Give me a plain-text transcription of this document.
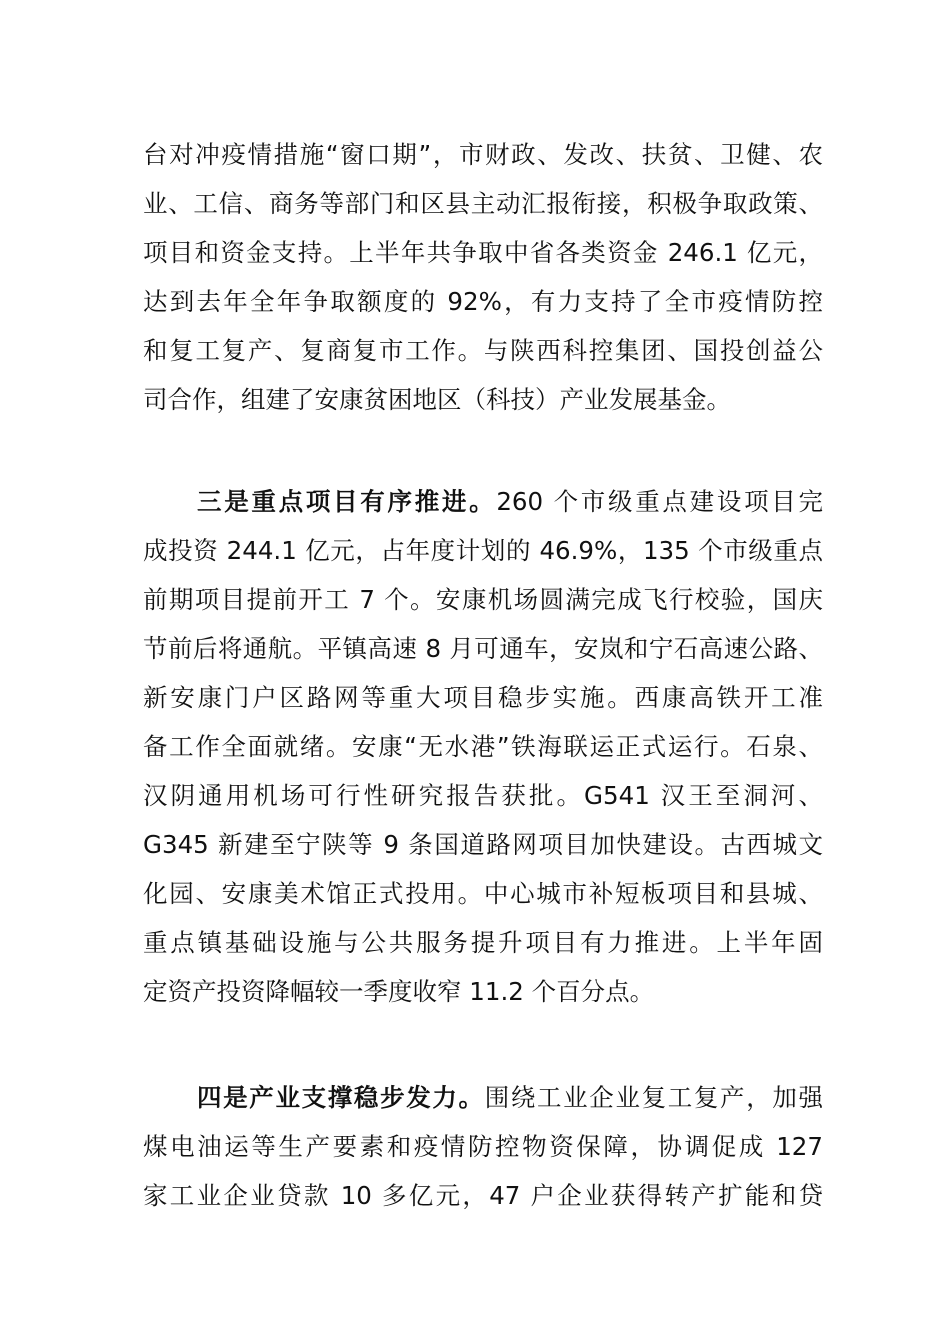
台对冲疫情措施“窗口期”，市财政、发改、扶贫、卫健、农
业、工信、商务等部门和区县主动汇报衔接，积极争取政策、
项目和资金支持。上半年共争取中省各类资金 246.1 亿元，
达到去年全年争取额度的 92%，有力支持了全市疫情防控
和复工复产、复商复市工作。与陕西科控集团、国投创益公
司合作，组建了安康贫困地区（科技）产业发展基金。
三是重点项目有序推进。260 个市级重点建设项目完
成投资 244.1 亿元，占年度计划的 46.9%，135 个市级重点
前期项目提前开工 7 个。安康机场圆满完成飞行校验，国庆
节前后将通航。平镇高速 8 月可通车，安岚和宁石高速公路、
新安康门户区路网等重大项目稳步实施。西康高铁开工准
备工作全面就绪。安康“无水港”铁海联运正式运行。石泉、
汉阴通用机场可行性研究报告获批。G541 汉王至洞河、
G345 新建至宁陕等 9 条国道路网项目加快建设。古西城文
化园、安康美术馆正式投用。中心城市补短板项目和县城、
重点镇基础设施与公共服务提升项目有力推进。上半年固
定资产投资降幅较一季度收窄 11.2 个百分点。
四是产业支撑稳步发力。围绕工业企业复工复产，加强
煤电油运等生产要素和疫情防控物资保障，协调促成 127
家工业企业贷款 10 多亿元，47 户企业获得转产扩能和贷
